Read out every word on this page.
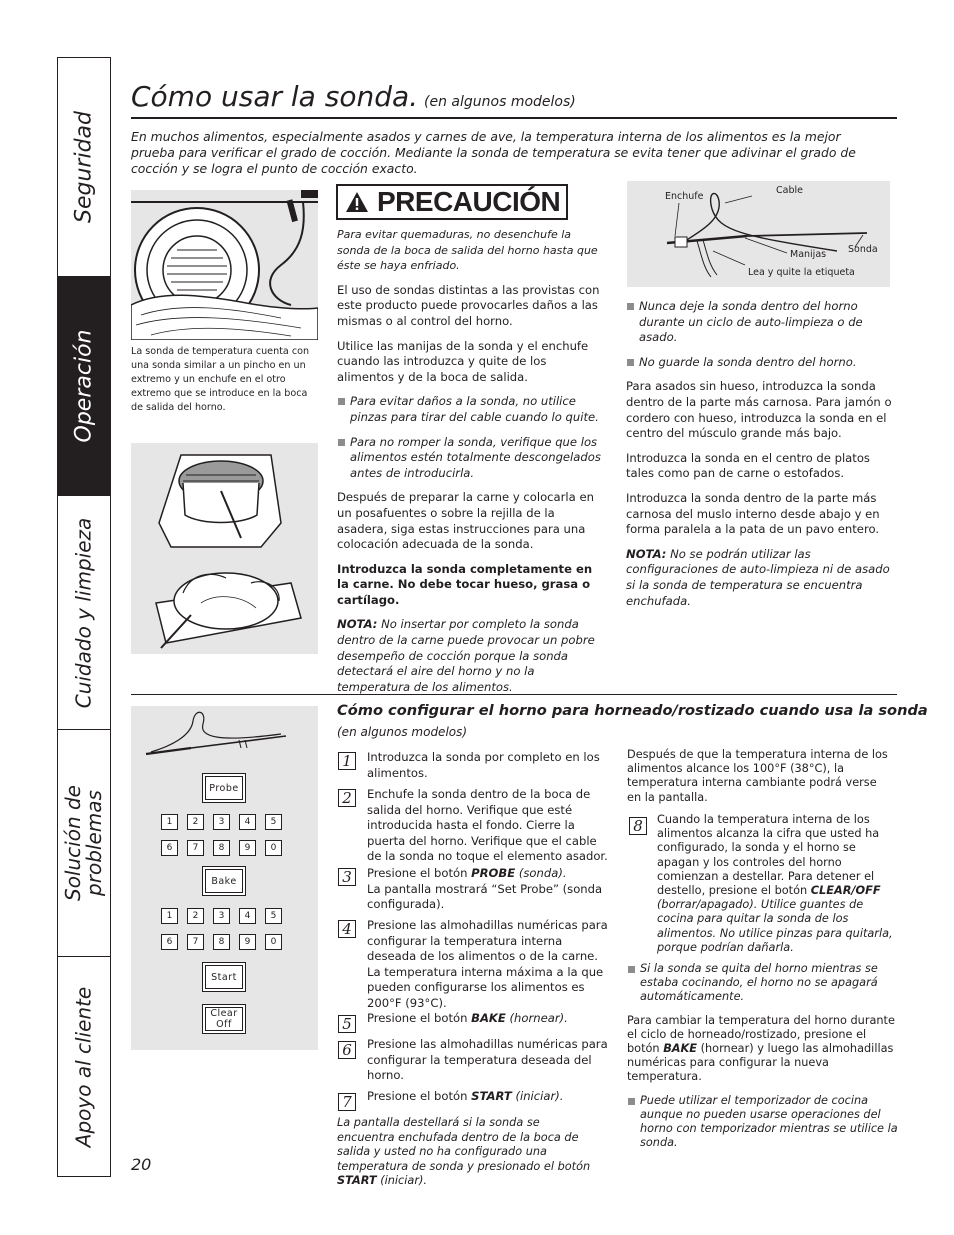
Seguridad
Operación
Cuidado y limpieza
Solución de problemas
Apoyo al cliente
Cómo usar la sonda. (en algunos modelos)
En muchos alimentos, especialmente asados y carnes de ave, la temperatura interna de los alimentos es la mejor prueba para verificar el grado de cocción. Mediante la sonda de temperatura se evita tener que adivinar el grado de cocción y se logra el punto de cocción exacto.
La sonda de temperatura cuenta con una sonda similar a un pincho en un extremo y un enchufe en el otro extremo que se introduce en la boca de salida del horno.
PRECAUCIÓN

Para evitar quemaduras, no desenchufe la sonda de la boca de salida del horno hasta que éste se haya enfriado.

El uso de sondas distintas a las provistas con este producto puede provocarles daños a las mismas o al control del horno.

Utilice las manijas de la sonda y el enchufe cuando las introduzca y quite de los alimentos y de la boca de salida.

Para evitar daños a la sonda, no utilice pinzas para tirar del cable cuando lo quite.

Para no romper la sonda, verifique que los alimentos estén totalmente descongelados antes de introducirla.

Después de preparar la carne y colocarla en un posafuentes o sobre la rejilla de la asadera, siga estas instrucciones para una colocación adecuada de la sonda.

Introduzca la sonda completamente en la carne. No debe tocar hueso, grasa o cartílago.

NOTA: No insertar por completo la sonda dentro de la carne puede provocar un pobre desempeño de cocción porque la sonda detectará el aire del horno y no la temperatura de los alimentos.

Enchufe
Cable
Manijas Sonda
Lea y quite la etiqueta

Nunca deje la sonda dentro del horno durante un ciclo de auto-limpieza o de asado.

No guarde la sonda dentro del horno.

Para asados sin hueso, introduzca la sonda dentro de la parte más carnosa. Para jamón o cordero con hueso, introduzca la sonda en el centro del músculo grande más bajo.

Introduzca la sonda en el centro de platos tales como pan de carne o estofados.

Introduzca la sonda dentro de la parte más carnosa del muslo interno desde abajo y en forma paralela a la pata de un pavo entero.

NOTA: No se podrán utilizar las configuraciones de auto-limpieza ni de asado si la sonda de temperatura se encuentra enchufada.

Cómo configurar el horno para horneado/rostizado cuando usa la sonda
(en algunos modelos)
Probe
1	2	3	4	5
6	7	8	9	0
Bake
1	2	3	4	5
6	7	8	9	0
Start
Clear
Off
1	Introduzca la sonda por completo en los alimentos.
2	Enchufe la sonda dentro de la boca de salida del horno. Verifique que esté introducida hasta el fondo. Cierre la puerta del horno. Verifique que el cable de la sonda no toque el elemento asador.
3	Presione el botón PROBE (sonda).
La pantalla mostrará “Set Probe” (sonda configurada).
4	Presione las almohadillas numéricas para configurar la temperatura interna deseada de los alimentos o de la carne. La temperatura interna máxima a la que pueden configurarse los alimentos es 200°F (93°C).
5	Presione el botón BAKE (hornear).
6	Presione las almohadillas numéricas para configurar la temperatura deseada del horno.
7	Presione el botón START (iniciar).
La pantalla destellará si la sonda se encuentra enchufada dentro de la boca de salida y usted no ha configurado una temperatura de sonda y presionado el botón START (iniciar).
Después de que la temperatura interna de los alimentos alcance los 100°F (38°C), la temperatura interna cambiante podrá verse en la pantalla.
8	Cuando la temperatura interna de los alimentos alcanza la cifra que usted ha configurado, la sonda y el horno se apagan y los controles del horno comienzan a destellar. Para detener el destello, presione el botón CLEAR/OFF (borrar/apagado). Utilice guantes de cocina para quitar la sonda de los alimentos. No utilice pinzas para quitarla, porque podrían dañarla.

Si la sonda se quita del horno mientras se estaba cocinando, el horno no se apagará automáticamente.

Para cambiar la temperatura del horno durante el ciclo de horneado/rostizado, presione el botón BAKE (hornear) y luego las almohadillas numéricas para configurar la nueva temperatura.

Puede utilizar el temporizador de cocina aunque no pueden usarse operaciones del horno con temporizador mientras se utilice la sonda.

20
